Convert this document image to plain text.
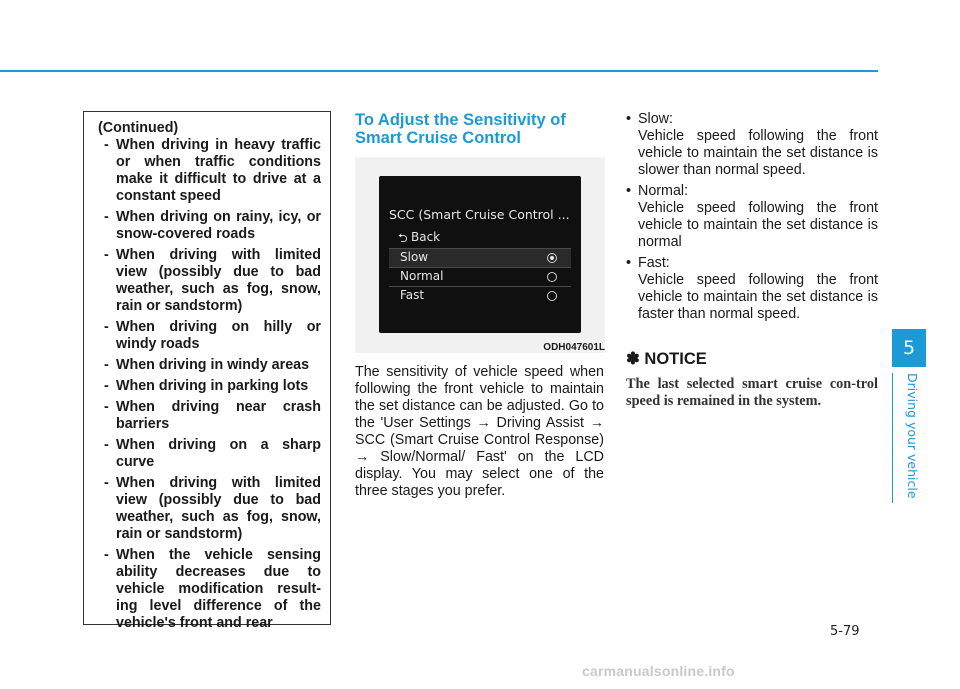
(Continued)

- When driving in heavy traffic or when traffic conditions make it difficult to drive at a constant speed
- When driving on rainy, icy, or snow-covered roads
- When driving with limited view (possibly due to bad weather, such as fog, snow, rain or sandstorm)
- When driving on hilly or windy roads
- When driving in windy areas
- When driving in parking lots
- When driving near crash barriers
- When driving on a sharp curve
- When driving with limited view (possibly due to bad weather, such as fog, snow, rain or sandstorm)
- When the vehicle sensing ability decreases due to vehicle modification result-ing level difference of the vehicle's front and rear
To Adjust the Sensitivity of Smart Cruise Control
SCC (Smart Cruise Control ...
⮌ Back
Slow
Normal
Fast
ODH047601L

The sensitivity of vehicle speed when following the front vehicle to maintain the set distance can be adjusted. Go to the 'User Settings → Driving Assist → SCC (Smart Cruise Control Response) → Slow/Normal/ Fast' on the LCD display. You may select one of the three stages you prefer.

• Slow:
Vehicle speed following the front vehicle to maintain the set distance is slower than normal speed.
• Normal:
Vehicle speed following the front vehicle to maintain the set distance is normal
• Fast:
Vehicle speed following the front vehicle to maintain the set distance is faster than normal speed.
✽ NOTICE

The last selected smart cruise con-trol speed is remained in the system.

5
Driving your vehicle
5-79
carmanualsonline.info
